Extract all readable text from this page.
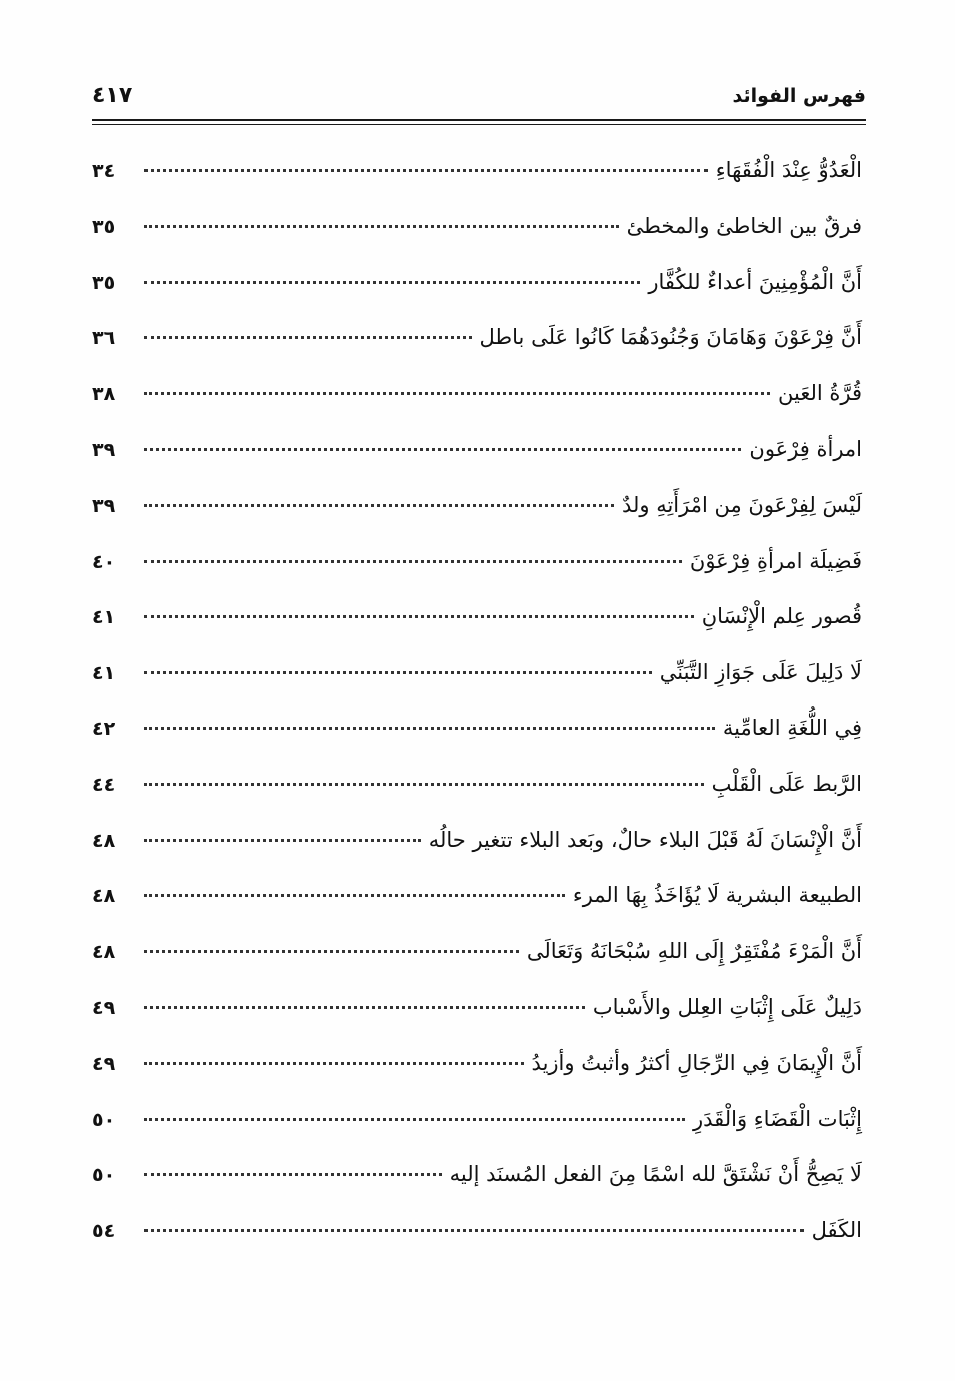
فهرس الفوائد
٤١٧
الْعَدُوُّ عِنْدَ الْفُقَهَاءِ
٣٤
فرقٌ بين الخاطئ والمخطئ
٣٥
أَنَّ الْمُؤْمِنِينَ أعداءٌ للكُفَّار
٣٥
أَنَّ فِرْعَوْنَ وَهَامَانَ وَجُنُودَهُمَا كَانُوا عَلَى باطل
٣٦
قُرَّةُ العَين
٣٨
امرأة فِرْعَون
٣٩
لَيْسَ لِفِرْعَونَ مِن امْرَأَتِهِ ولدٌ
٣٩
فَضِيلَة امرأةِ فِرْعَوْنَ
٤٠
قُصور عِلم الْإِنْسَانِ
٤١
لَا دَلِيلَ عَلَى جَوَازِ التَّبَنِّي
٤١
فِي اللُّغَةِ العامِّية
٤٢
الرَّبط عَلَى الْقَلْبِ
٤٤
أَنَّ الْإِنْسَانَ لَهُ قَبْلَ البلاء حالٌ، وبَعد البلاء تتغير حالُه
٤٨
الطبيعة البشرية لَا يُؤَاخَذُ بِهَا المرء
٤٨
أَنَّ الْمَرْءَ مُفْتَقِرٌ إِلَى اللهِ سُبْحَانَهُ وَتَعَالَى
٤٨
دَلِيلٌ عَلَى إِثْبَاتِ العِلل والأَسْباب
٤٩
أَنَّ الْإِيمَانَ فِي الرِّجَالِ أكثرُ وأثبتُ وأزيدُ
٤٩
إِثْبَات الْقَضَاءِ وَالْقَدَرِ
٥٠
لَا يَصِحُّ أَنْ نَشْتَقَّ لله اسْمًا مِنَ الفعل المُسنَد إليه
٥٠
الكَفَل
٥٤
